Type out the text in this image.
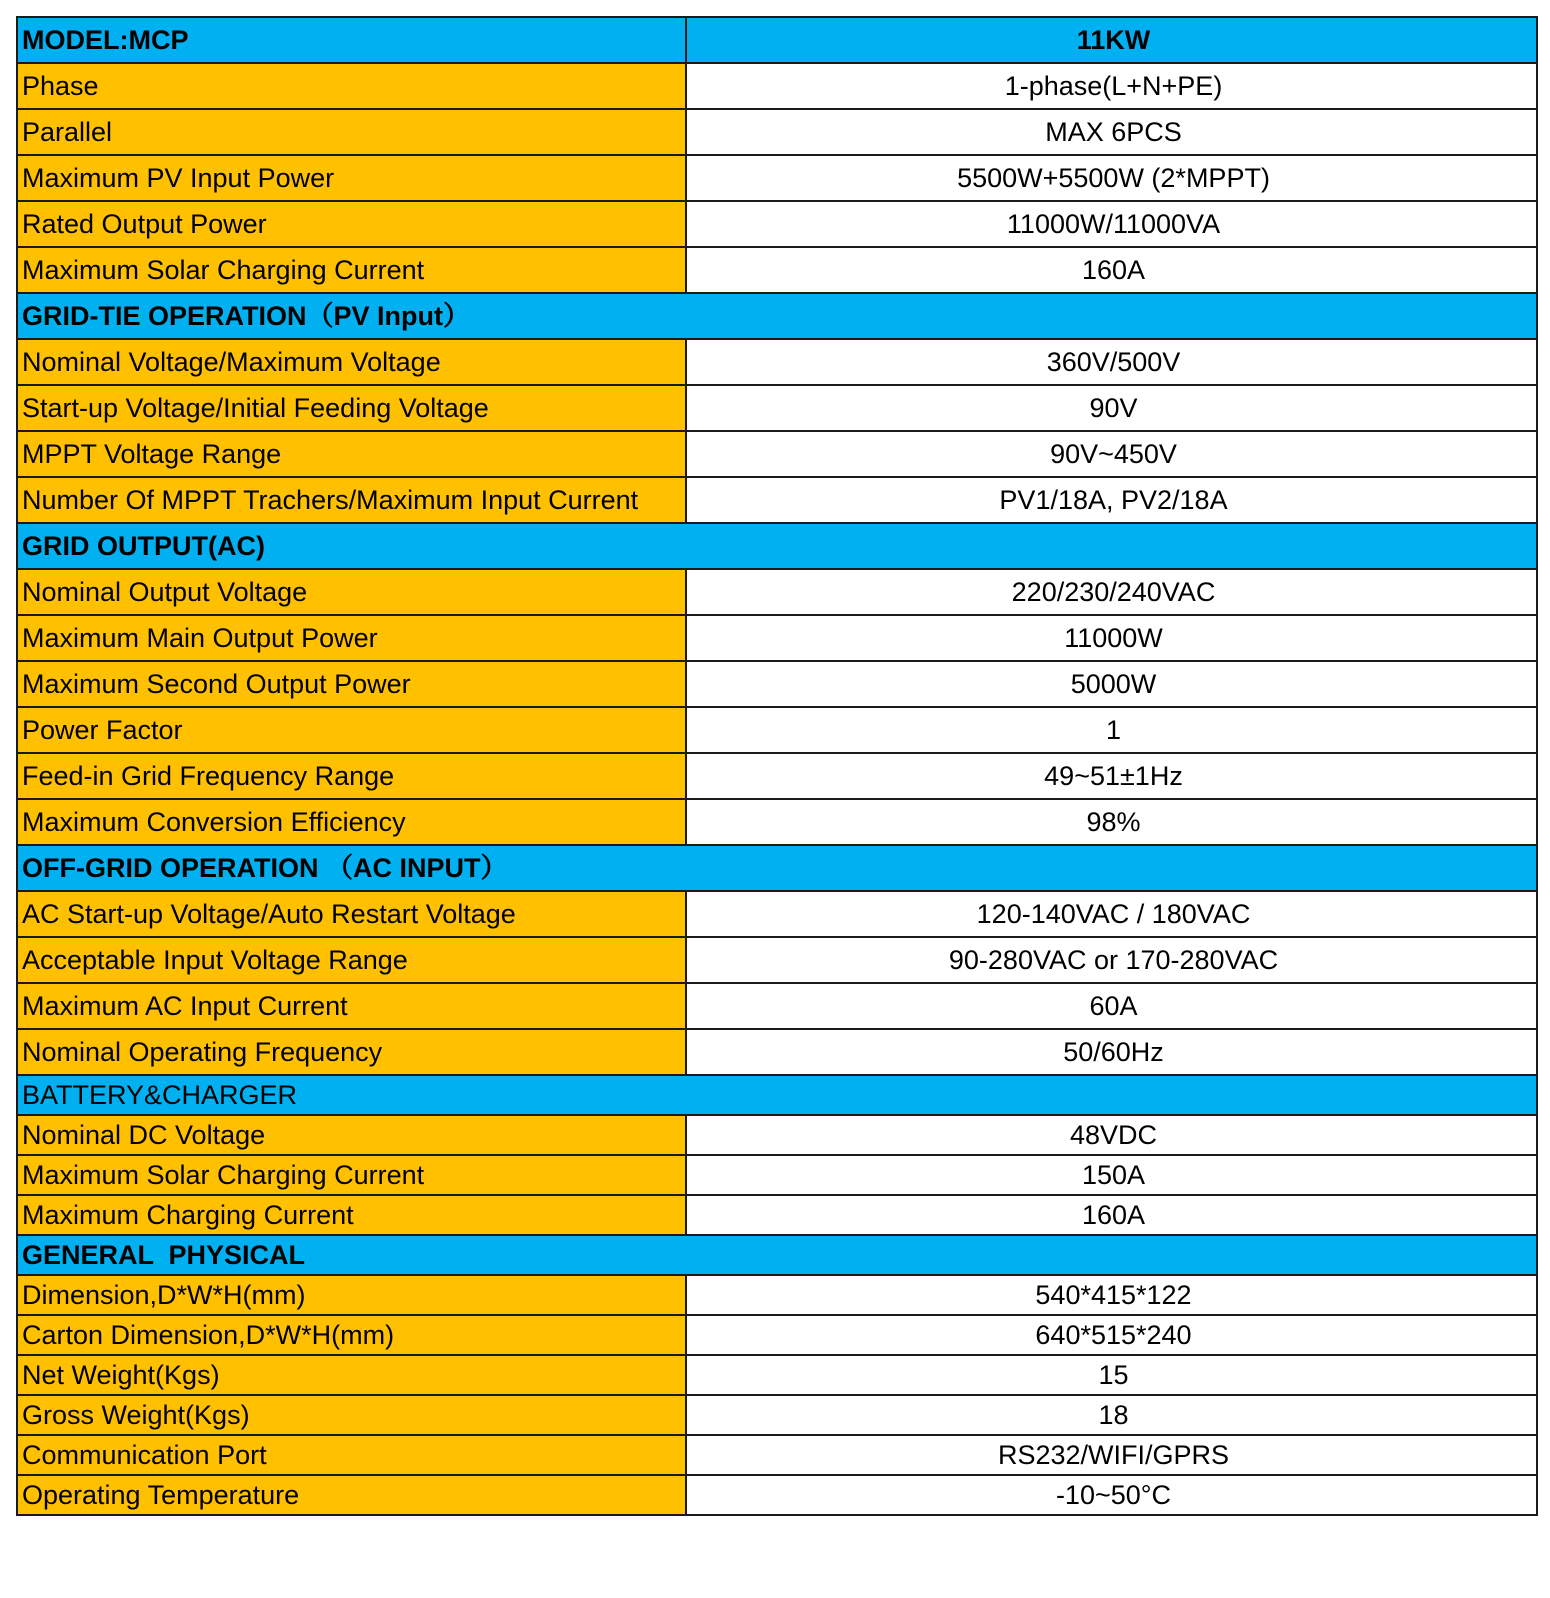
MODEL:MCP	11KW
Phase	1-phase(L+N+PE)
Parallel	MAX 6PCS
Maximum PV Input Power	5500W+5500W (2*MPPT)
Rated Output Power	11000W/11000VA
Maximum Solar Charging Current	160A
GRID-TIE OPERATION（PV Input）	
Nominal Voltage/Maximum Voltage	360V/500V
Start-up Voltage/Initial Feeding Voltage	90V
MPPT Voltage Range	90V~450V
Number Of MPPT Trachers/Maximum Input Current	PV1/18A, PV2/18A
GRID OUTPUT(AC)	
Nominal Output Voltage	220/230/240VAC
Maximum Main Output Power	11000W
Maximum Second Output Power	5000W
Power Factor	1
Feed-in Grid Frequency Range	49~51±1Hz
Maximum Conversion Efficiency	98%
OFF-GRID OPERATION （AC INPUT）	
AC Start-up Voltage/Auto Restart Voltage	120-140VAC / 180VAC
Acceptable Input Voltage Range	90-280VAC or 170-280VAC
Maximum AC Input Current	60A
Nominal Operating Frequency	50/60Hz
BATTERY&CHARGER	
Nominal DC Voltage	48VDC
Maximum Solar Charging Current	150A
Maximum Charging Current	160A
GENERAL  PHYSICAL	
Dimension,D*W*H(mm)	540*415*122
Carton Dimension,D*W*H(mm)	640*515*240
Net Weight(Kgs)	15
Gross Weight(Kgs)	18
Communication Port	RS232/WIFI/GPRS
Operating Temperature	-10~50°C
